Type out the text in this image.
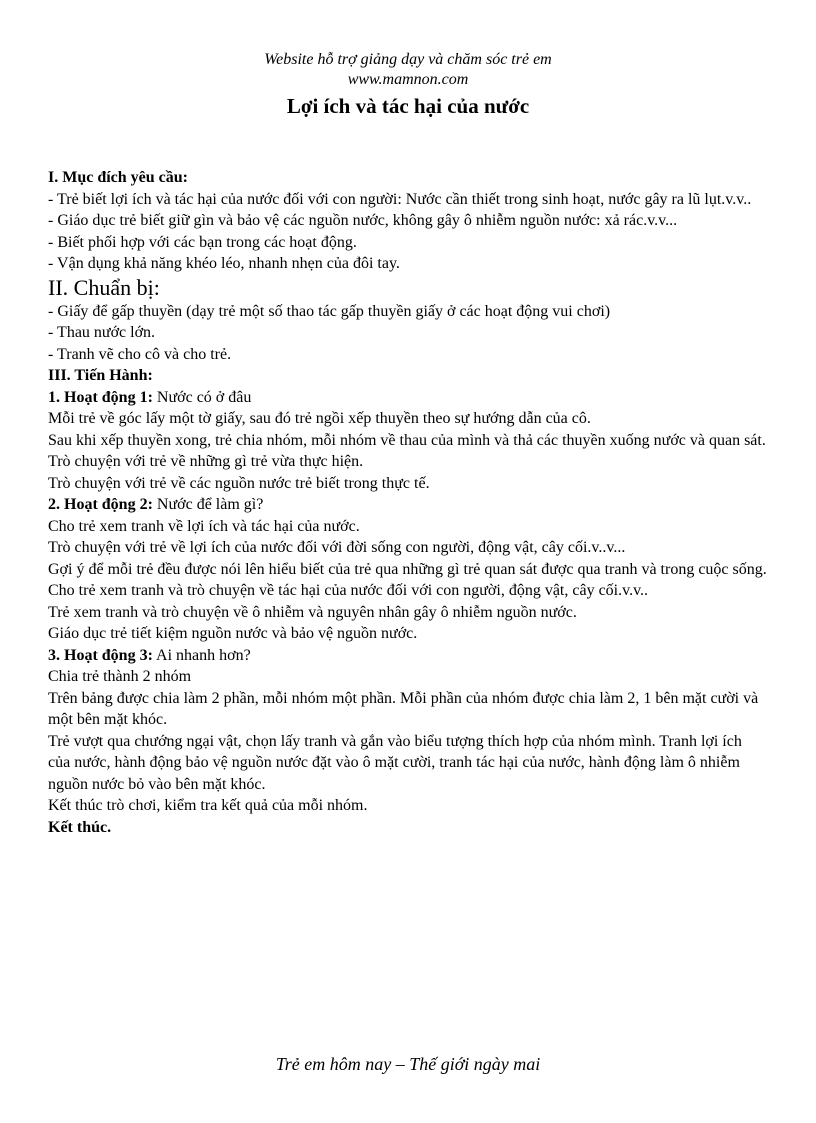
Website hỗ trợ giảng dạy và chăm sóc trẻ em
www.mamnon.com
Lợi ích và tác hại của nước

I. Mục đích yêu cầu:

- Trẻ biết lợi ích và tác hại của nước đối với con người: Nước cần thiết trong sinh hoạt, nước gây ra lũ lụt.v.v..

- Giáo dục trẻ biết giữ gìn và bảo vệ các nguồn nước, không gây ô nhiễm nguồn nước: xả rác.v.v...

- Biết phối hợp với các bạn trong các hoạt động.

- Vận dụng khả năng khéo léo, nhanh nhẹn của đôi tay.

II. Chuẩn bị:

- Giấy để gấp thuyền (dạy trẻ một số thao tác gấp thuyền giấy ở các hoạt động vui chơi)

- Thau nước lớn.

- Tranh vẽ cho cô và cho trẻ.

III. Tiến Hành:

1. Hoạt động 1: Nước có ở đâu

Mỗi trẻ về góc lấy một tờ giấy, sau đó trẻ ngồi xếp thuyền theo sự hướng dẫn của cô.

Sau khi xếp thuyền xong, trẻ chia nhóm, mỗi nhóm về thau của mình và thả các thuyền xuống nước và quan sát.

Trò chuyện với trẻ về những gì trẻ vừa thực hiện.

Trò chuyện với trẻ về các nguồn nước trẻ biết trong thực tế.

2. Hoạt động 2: Nước để làm gì?

Cho trẻ xem tranh về lợi ích và tác hại của nước.

Trò chuyện với trẻ về lợi ích của nước đối với đời sống con người, động vật, cây cối.v..v...

Gợi ý để mỗi trẻ đều được nói lên hiểu biết của trẻ qua những gì trẻ quan sát được qua tranh và trong cuộc sống.

Cho trẻ xem tranh và trò chuyện về tác hại của nước đối với con người, động vật, cây cối.v.v..

Trẻ xem tranh và trò chuyện về ô nhiễm và nguyên nhân gây ô nhiễm nguồn nước.

Giáo dục trẻ tiết kiệm nguồn nước và bảo vệ nguồn nước.

3. Hoạt động 3: Ai nhanh hơn?

Chia trẻ thành 2 nhóm

Trên bảng được chia làm 2 phần, mỗi nhóm một phần. Mỗi phần của nhóm được chia làm 2, 1 bên mặt cười và một bên mặt khóc.

Trẻ vượt qua chướng ngại vật, chọn lấy tranh và gắn vào biểu tượng thích hợp của nhóm mình. Tranh lợi ích của nước, hành động bảo vệ nguồn nước đặt vào ô mặt cười, tranh tác hại của nước, hành động làm ô nhiễm nguồn nước bỏ vào bên mặt khóc.

Kết thúc trò chơi, kiểm tra kết quả của mỗi nhóm.

Kết thúc.

Trẻ em hôm nay – Thế giới ngày mai
